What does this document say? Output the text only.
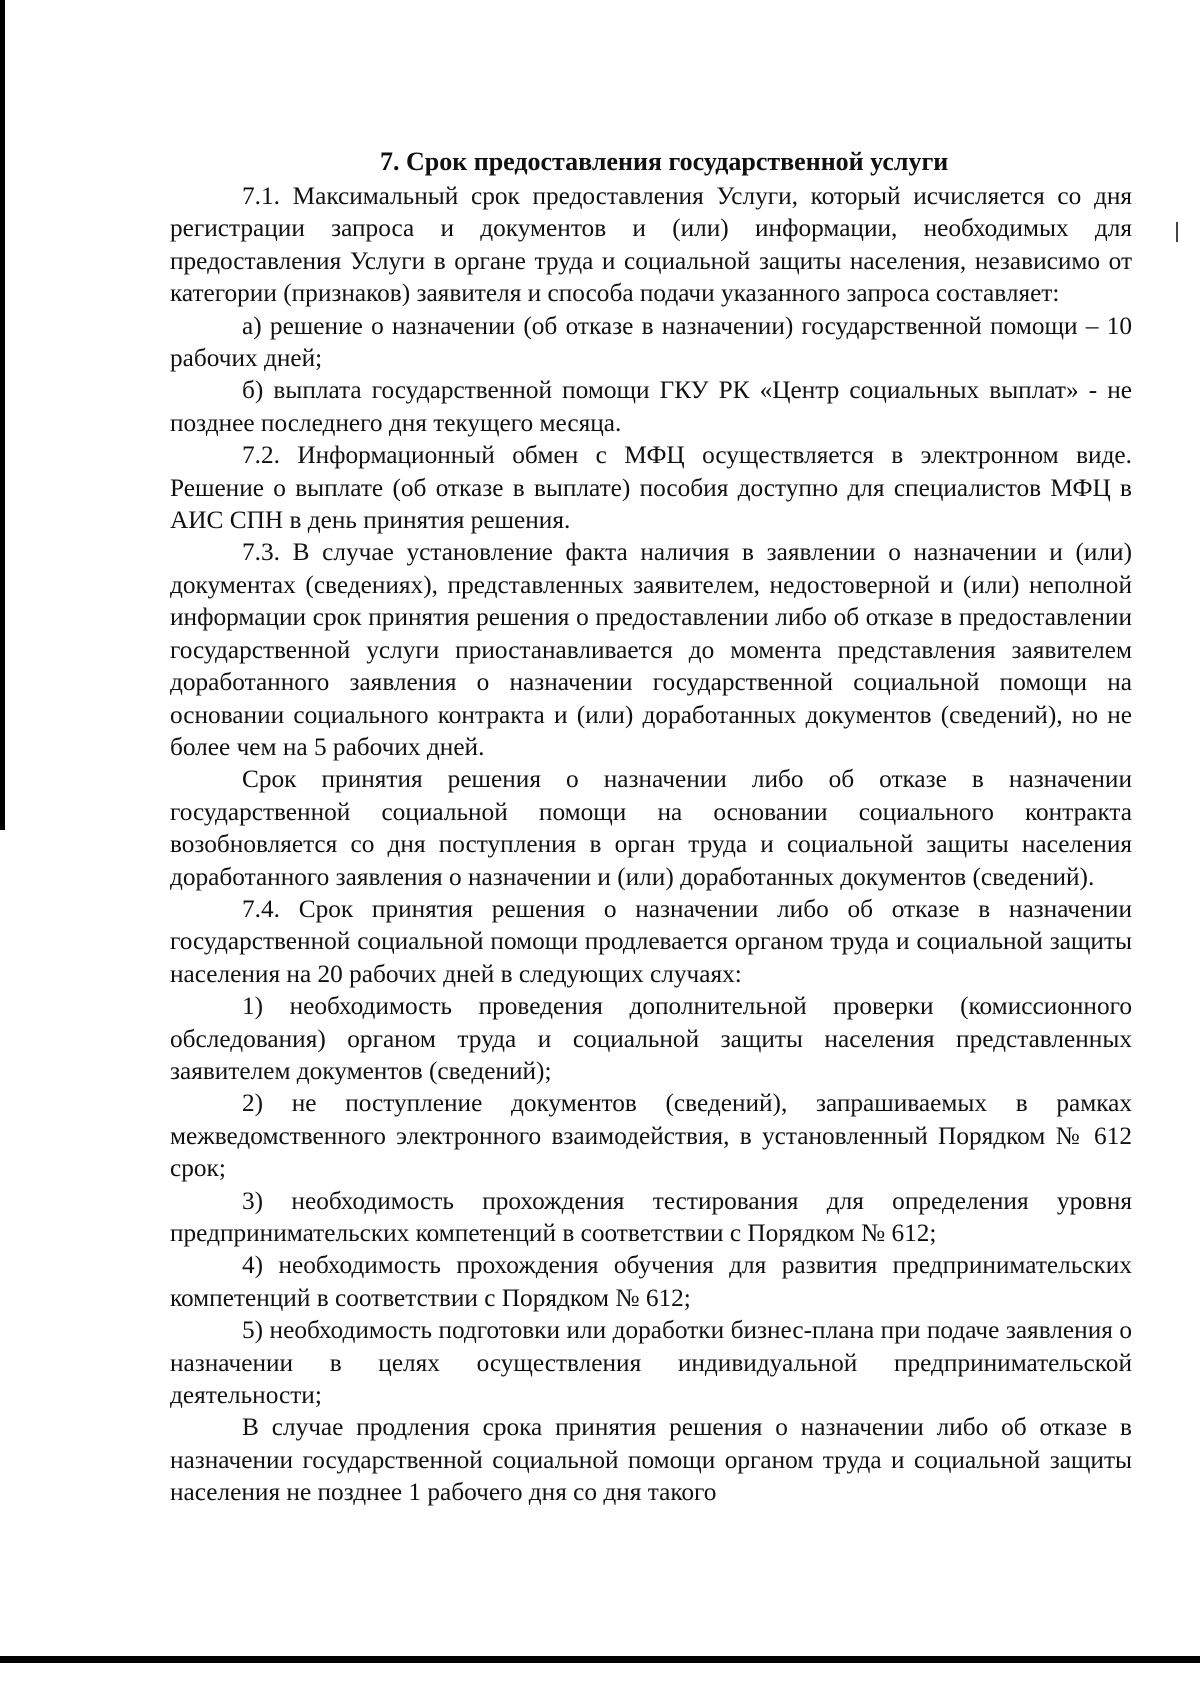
7. Срок предоставления государственной услуги

7.1. Максимальный срок предоставления Услуги, который исчисляется со дня регистрации запроса и документов и (или) информации, необходимых для предоставления Услуги в органе труда и социальной защиты населения, независимо от категории (признаков) заявителя и способа подачи указанного запроса составляет:

а) решение о назначении (об отказе в назначении) государственной помощи – 10 рабочих дней;

б) выплата государственной помощи ГКУ РК «Центр социальных выплат» - не позднее последнего дня текущего месяца.

7.2. Информационный обмен с МФЦ осуществляется в электронном виде. Решение о выплате (об отказе в выплате) пособия доступно для специалистов МФЦ в АИС СПН в день принятия решения.

7.3. В случае установление факта наличия в заявлении о назначении и (или) документах (сведениях), представленных заявителем, недостоверной и (или) неполной информации срок принятия решения о предоставлении либо об отказе в предоставлении государственной услуги приостанавливается до момента представления заявителем доработанного заявления о назначении государственной социальной помощи на основании социального контракта и (или) доработанных документов (сведений), но не более чем на 5 рабочих дней.

Срок принятия решения о назначении либо об отказе в назначении государственной социальной помощи на основании социального контракта возобновляется со дня поступления в орган труда и социальной защиты населения доработанного заявления о назначении и (или) доработанных документов (сведений).

7.4. Срок принятия решения о назначении либо об отказе в назначении государственной социальной помощи продлевается органом труда и социальной защиты населения на 20 рабочих дней в следующих случаях:

1) необходимость проведения дополнительной проверки (комиссионного обследования) органом труда и социальной защиты населения представленных заявителем документов (сведений);

2) не поступление документов (сведений), запрашиваемых в рамках межведомственного электронного взаимодействия, в установленный Порядком № 612 срок;

3) необходимость прохождения тестирования для определения уровня предпринимательских компетенций в соответствии с Порядком № 612;

4) необходимость прохождения обучения для развития предпринимательских компетенций в соответствии с Порядком № 612;

5) необходимость подготовки или доработки бизнес-плана при подаче заявления о назначении в целях осуществления индивидуальной предпринимательской деятельности;

В случае продления срока принятия решения о назначении либо об отказе в назначении государственной социальной помощи органом труда и социальной защиты населения не позднее 1 рабочего дня со дня такого
